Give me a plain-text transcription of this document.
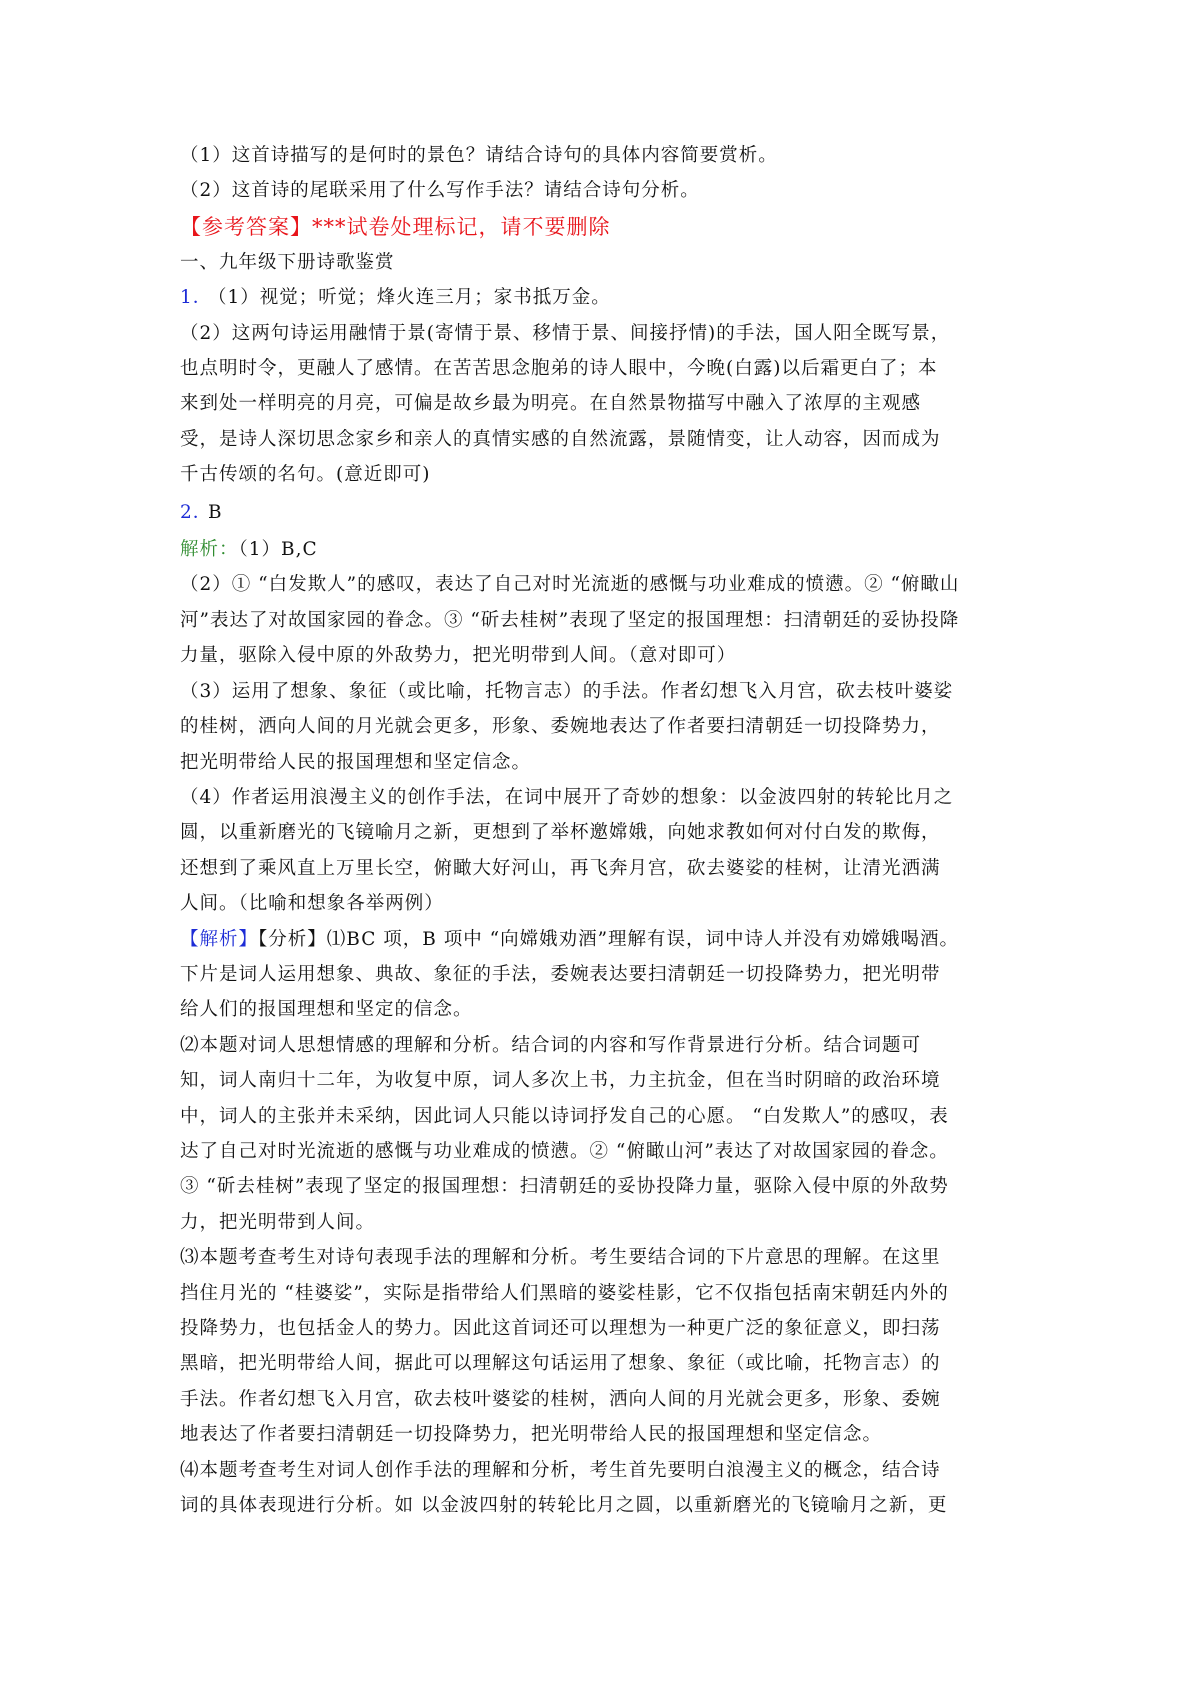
（1）这首诗描写的是何时的景色？请结合诗句的具体内容简要赏析。

（2）这首诗的尾联采用了什么写作手法？请结合诗句分析。

【参考答案】***试卷处理标记，请不要删除

一、九年级下册诗歌鉴赏

1．（1）视觉；听觉；烽火连三月；家书抵万金。

（2）这两句诗运用融情于景(寄情于景、移情于景、间接抒情)的手法，国人阳全既写景，

也点明时令，更融人了感情。在苦苦思念胞弟的诗人眼中，今晚(白露)以后霜更白了；本

来到处一样明亮的月亮，可偏是故乡最为明亮。在自然景物描写中融入了浓厚的主观感

受，是诗人深切思念家乡和亲人的真情实感的自然流露，景随情变，让人动容，因而成为

千古传颂的名句。(意近即可)

2．B

解析：（1）B,C

（2）① “白发欺人”的感叹，表达了自己对时光流逝的感慨与功业难成的愤懑。② “俯瞰山

河”表达了对故国家园的眷念。③ “斫去桂树”表现了坚定的报国理想：扫清朝廷的妥协投降

力量，驱除入侵中原的外敌势力，把光明带到人间。（意对即可）

（3）运用了想象、象征（或比喻，托物言志）的手法。作者幻想飞入月宫，砍去枝叶婆娑

的桂树，洒向人间的月光就会更多，形象、委婉地表达了作者要扫清朝廷一切投降势力，

把光明带给人民的报国理想和坚定信念。

（4）作者运用浪漫主义的创作手法，在词中展开了奇妙的想象：以金波四射的转轮比月之

圆，以重新磨光的飞镜喻月之新，更想到了举杯邀嫦娥，向她求教如何对付白发的欺侮，

还想到了乘风直上万里长空，俯瞰大好河山，再飞奔月宫，砍去婆娑的桂树，让清光洒满

人间。（比喻和想象各举两例）

【解析】【分析】⑴BC 项，B 项中 “向嫦娥劝酒”理解有误，词中诗人并没有劝嫦娥喝酒。

下片是词人运用想象、典故、象征的手法，委婉表达要扫清朝廷一切投降势力，把光明带

给人们的报国理想和坚定的信念。

⑵本题对词人思想情感的理解和分析。结合词的内容和写作背景进行分析。结合词题可

知，词人南归十二年，为收复中原，词人多次上书，力主抗金，但在当时阴暗的政治环境

中，词人的主张并未采纳，因此词人只能以诗词抒发自己的心愿。 “白发欺人”的感叹，表

达了自己对时光流逝的感慨与功业难成的愤懑。② “俯瞰山河”表达了对故国家园的眷念。

③ “斫去桂树”表现了坚定的报国理想：扫清朝廷的妥协投降力量，驱除入侵中原的外敌势

力，把光明带到人间。

⑶本题考查考生对诗句表现手法的理解和分析。考生要结合词的下片意思的理解。在这里

挡住月光的 “桂婆娑”，实际是指带给人们黑暗的婆娑桂影，它不仅指包括南宋朝廷内外的

投降势力，也包括金人的势力。因此这首词还可以理想为一种更广泛的象征意义，即扫荡

黑暗，把光明带给人间，据此可以理解这句话运用了想象、象征（或比喻，托物言志）的

手法。作者幻想飞入月宫，砍去枝叶婆娑的桂树，洒向人间的月光就会更多，形象、委婉

地表达了作者要扫清朝廷一切投降势力，把光明带给人民的报国理想和坚定信念。

⑷本题考查考生对词人创作手法的理解和分析，考生首先要明白浪漫主义的概念，结合诗

词的具体表现进行分析。如 以金波四射的转轮比月之圆，以重新磨光的飞镜喻月之新，更
